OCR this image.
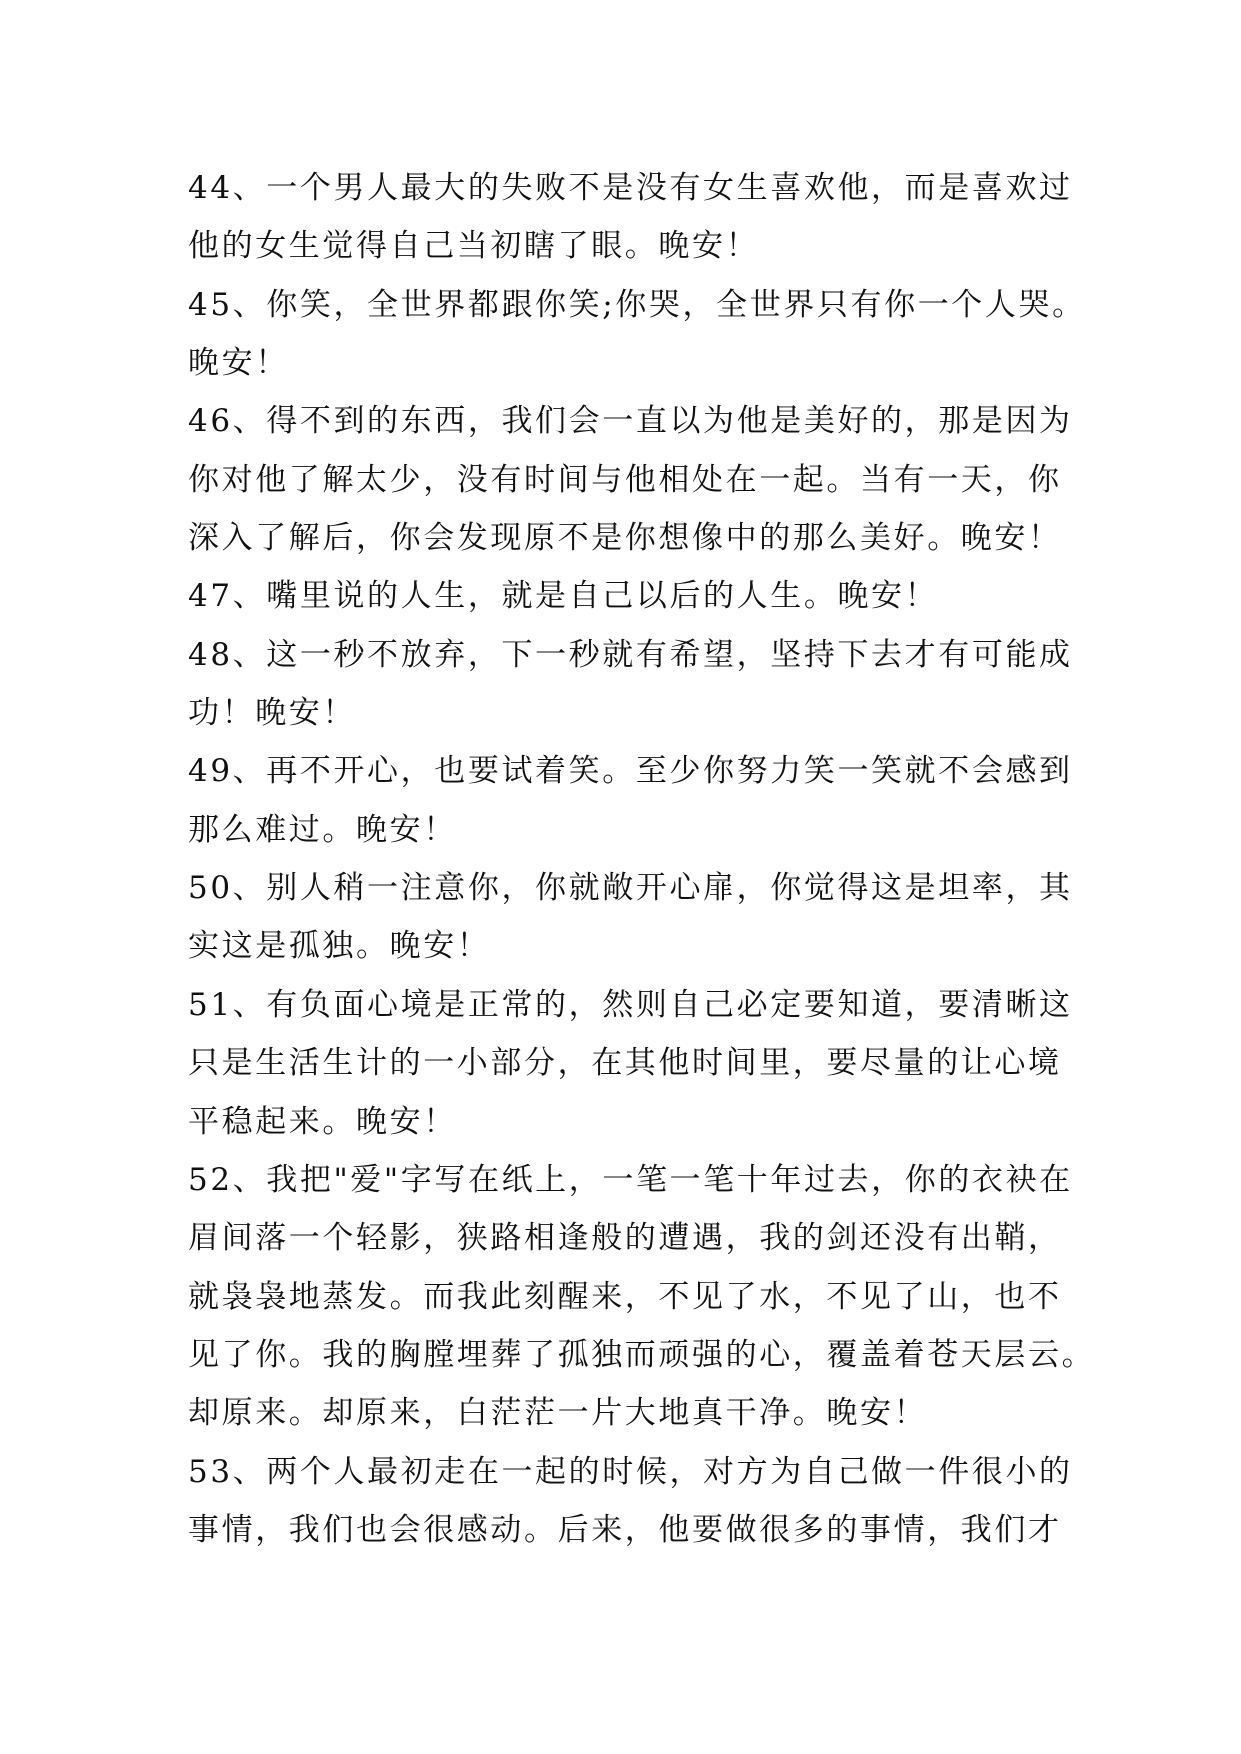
44、一个男人最大的失败不是没有女生喜欢他，而是喜欢过
他的女生觉得自己当初瞎了眼。晚安！
45、你笑，全世界都跟你笑;你哭，全世界只有你一个人哭。
晚安！
46、得不到的东西，我们会一直以为他是美好的，那是因为
你对他了解太少，没有时间与他相处在一起。当有一天，你
深入了解后，你会发现原不是你想像中的那么美好。晚安！
47、嘴里说的人生，就是自己以后的人生。晚安！
48、这一秒不放弃，下一秒就有希望，坚持下去才有可能成
功！晚安！
49、再不开心，也要试着笑。至少你努力笑一笑就不会感到
那么难过。晚安！
50、别人稍一注意你，你就敞开心扉，你觉得这是坦率，其
实这是孤独。晚安！
51、有负面心境是正常的，然则自己必定要知道，要清晰这
只是生活生计的一小部分，在其他时间里，要尽量的让心境
平稳起来。晚安！
52、我把"爱"字写在纸上，一笔一笔十年过去，你的衣袂在
眉间落一个轻影，狭路相逢般的遭遇，我的剑还没有出鞘，
就袅袅地蒸发。而我此刻醒来，不见了水，不见了山，也不
见了你。我的胸膛埋葬了孤独而顽强的心，覆盖着苍天层云。
却原来。却原来，白茫茫一片大地真干净。晚安！
53、两个人最初走在一起的时候，对方为自己做一件很小的
事情，我们也会很感动。后来，他要做很多的事情，我们才
